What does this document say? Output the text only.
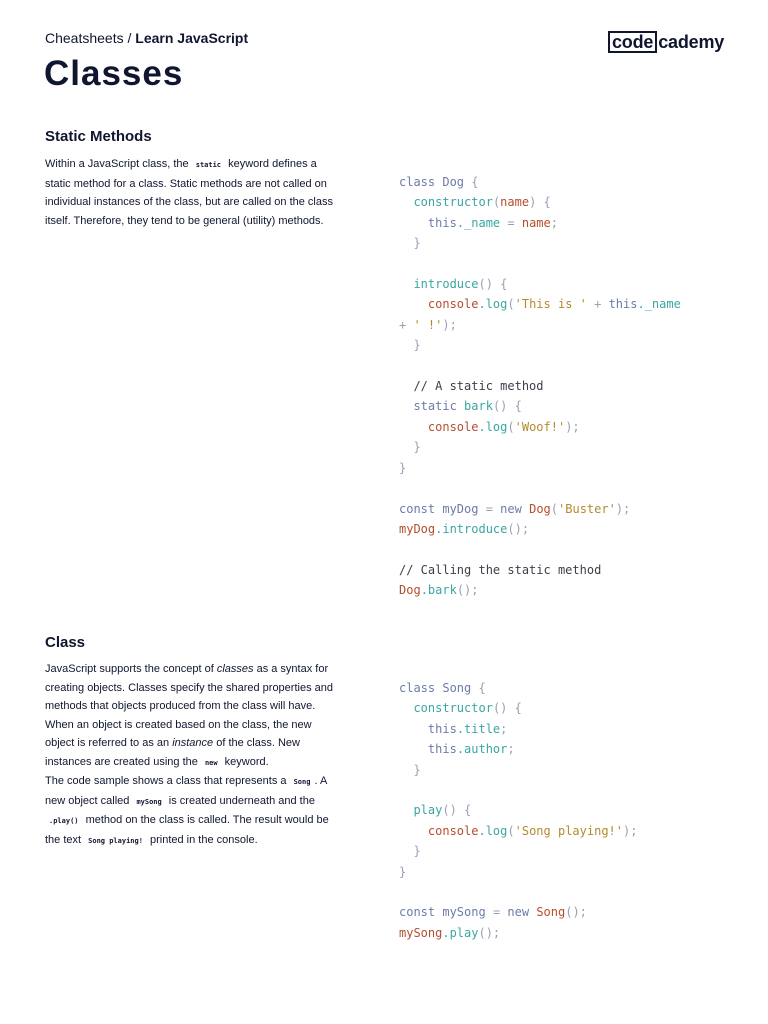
Cheatsheets / Learn JavaScript	code cademy
Classes
Static Methods

Within a JavaScript class, the static keyword defines a static method for a class. Static methods are not called on individual instances of the class, but are called on the class itself. Therefore, they tend to be general (utility) methods.

class Dog {
constructor(name) {
this._name = name;
}

introduce() {
console.log('This is ' + this._name
+ ' !');
}

// A static method
static bark() {
console.log('Woof!');
}
}

const myDog = new Dog('Buster');
myDog.introduce();

// Calling the static method
Dog.bark();
Class

JavaScript supports the concept of classes as a syntax for creating objects. Classes specify the shared properties and methods that objects produced from the class will have.

When an object is created based on the class, the new object is referred to as an instance of the class. New instances are created using the new keyword.

The code sample shows a class that represents a Song . A new object called mySong is created underneath and the .play() method on the class is called. The result would be the text Song playing! printed in the console.

class Song {
constructor() {
this.title;
this.author;
}

play() {
console.log('Song playing!');
}
}

const mySong = new Song();
mySong.play();
